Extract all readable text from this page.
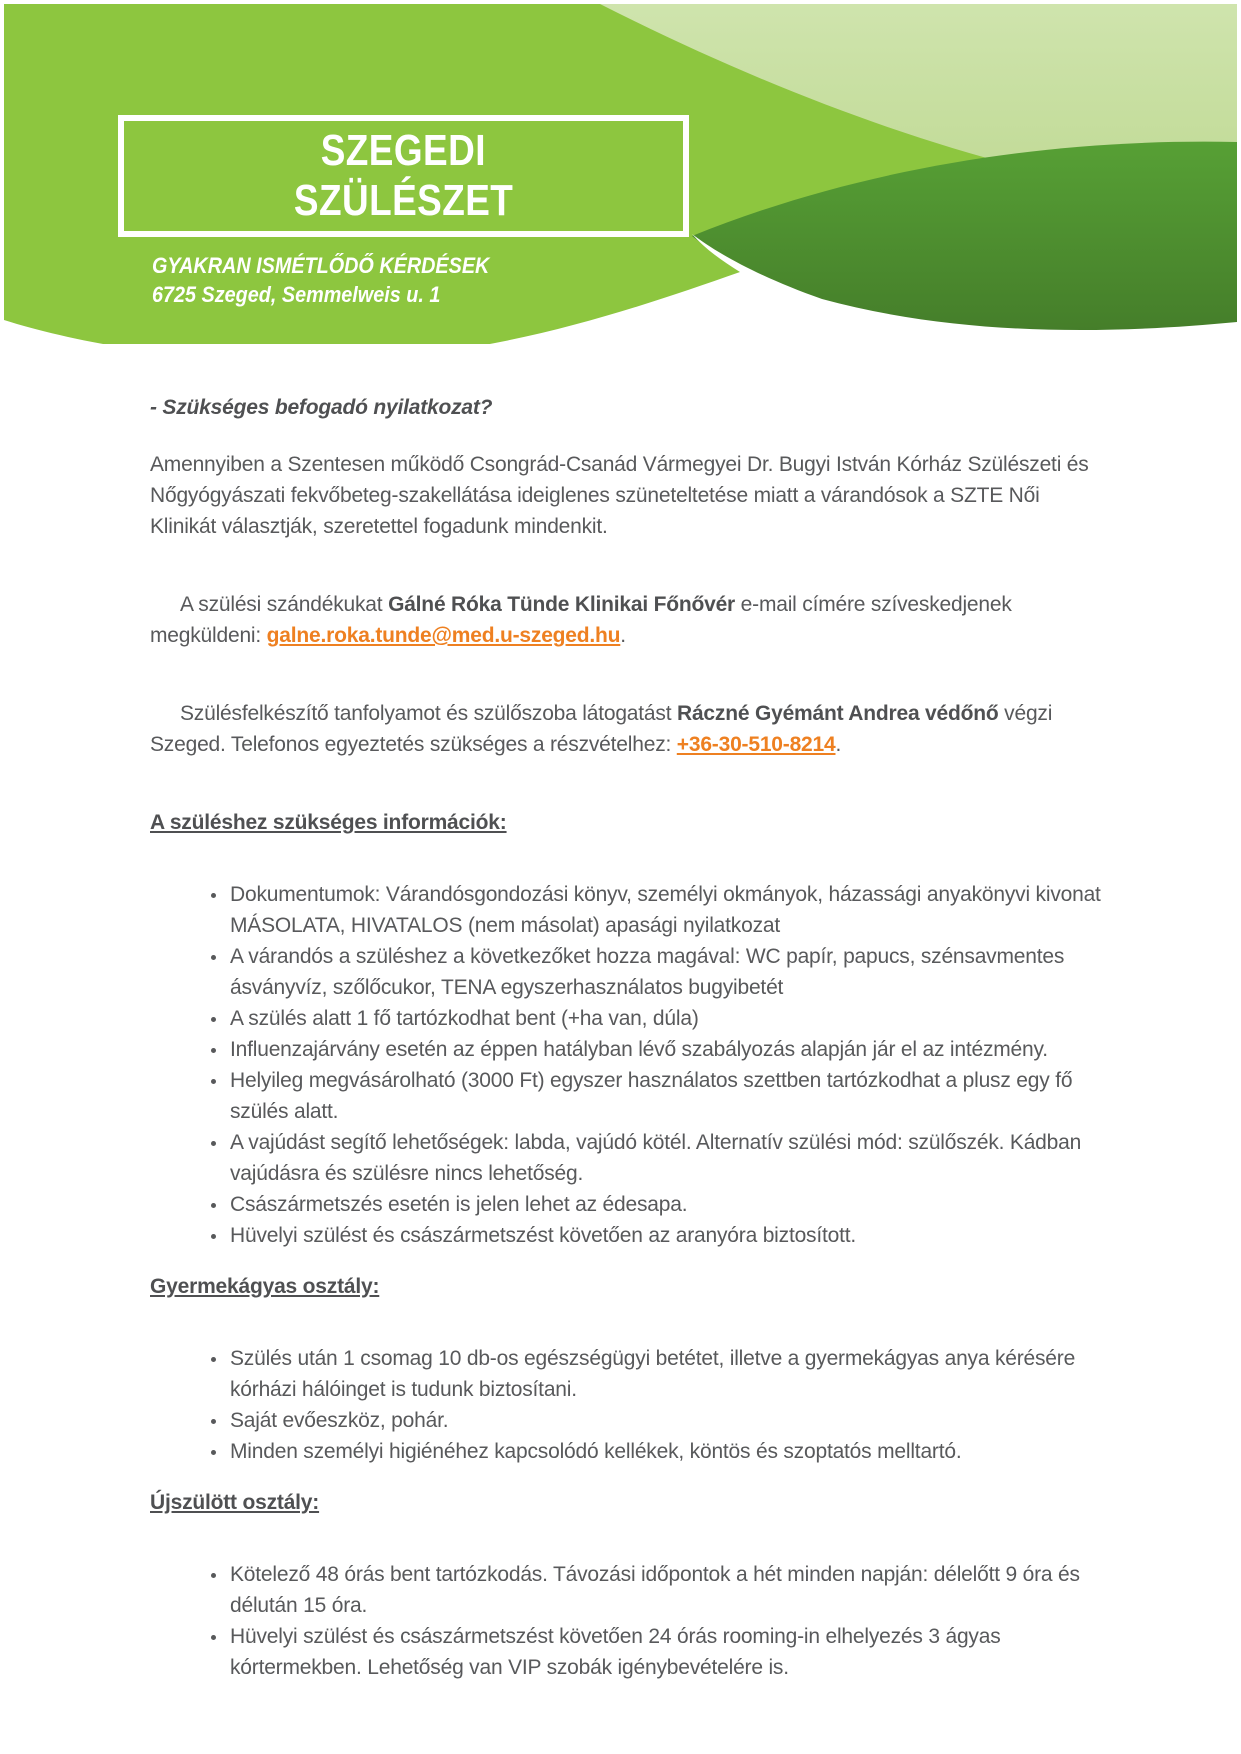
SZEGEDI
SZÜLÉSZET
GYAKRAN ISMÉTLŐDŐ KÉRDÉSEK
6725 Szeged, Semmelweis u. 1

- Szükséges befogadó nyilatkozat?

Amennyiben a Szentesen működő Csongrád-Csanád Vármegyei Dr. Bugyi István Kórház Szülészeti és Nőgyógyászati fekvőbeteg-szakellátása ideiglenes szüneteltetése miatt a várandósok a SZTE Női Klinikát választják, szeretettel fogadunk mindenkit.

A szülési szándékukat Gálné Róka Tünde Klinikai Főnővér e-mail címére szíveskedjenek megküldeni: galne.roka.tunde@med.u-szeged.hu.

Szülésfelkészítő tanfolyamot és szülőszoba látogatást Ráczné Gyémánt Andrea védőnő végzi Szeged. Telefonos egyeztetés szükséges a részvételhez: +36-30-510-8214.

A szüléshez szükséges információk:
• Dokumentumok: Várandósgondozási könyv, személyi okmányok, házassági anyakönyvi kivonat MÁSOLATA, HIVATALOS (nem másolat) apasági nyilatkozat
• A várandós a szüléshez a következőket hozza magával: WC papír, papucs, szénsavmentes ásványvíz, szőlőcukor, TENA egyszerhasználatos bugyibetét
• A szülés alatt 1 fő tartózkodhat bent (+ha van, dúla)
• Influenzajárvány esetén az éppen hatályban lévő szabályozás alapján jár el az intézmény.
• Helyileg megvásárolható (3000 Ft) egyszer használatos szettben tartózkodhat a plusz egy fő szülés alatt.
• A vajúdást segítő lehetőségek: labda, vajúdó kötél. Alternatív szülési mód: szülőszék. Kádban vajúdásra és szülésre nincs lehetőség.
• Császármetszés esetén is jelen lehet az édesapa.
• Hüvelyi szülést és császármetszést követően az aranyóra biztosított.
Gyermekágyas osztály:
• Szülés után 1 csomag 10 db-os egészségügyi betétet, illetve a gyermekágyas anya kérésére kórházi hálóinget is tudunk biztosítani.
• Saját evőeszköz, pohár.
• Minden személyi higiénéhez kapcsolódó kellékek, köntös és szoptatós melltartó.
Újszülött osztály:
• Kötelező 48 órás bent tartózkodás. Távozási időpontok a hét minden napján: délelőtt 9 óra és délután 15 óra.
• Hüvelyi szülést és császármetszést követően 24 órás rooming-in elhelyezés 3 ágyas kórtermekben. Lehetőség van VIP szobák igénybevételére is.
